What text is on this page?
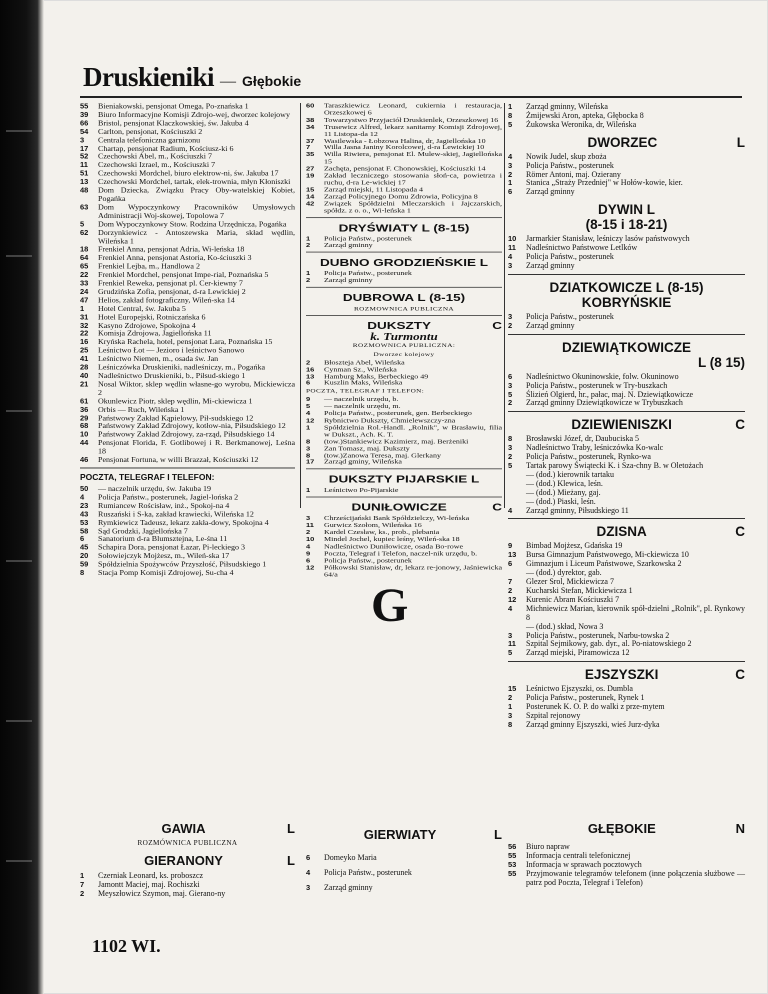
Druskieniki — Głębokie
55	Bieniakowski, pensjonat Omega, Po-znańska 1
39	Biuro Informacyjne Komisji Zdrojo-wej, dworzec kolejowy
66	Bristol, pensjonat Klaczkowskiej, św. Jakuba 4
54	Carlton, pensjonat, Kościuszki 2
3	Centrala telefoniczna garnizonu
17	Chartap, pensjonat Radium, Kościusz-ki 6
52	Czechowski Abel, m., Kościuszki 7
11	Czechowski Izrael, m., Kościuszki 7
51	Czechowski Mordchel, biuro elektrow-ni, św. Jakuba 17
13	Czechowski Mordchel, tartak, elek-trownia, młyn Kłoniszki
48	Dom Dziecka, Związku Pracy Oby-watelskiej Kobiet, Pogańka
63	Dom Wypoczynkowy Pracowników Umysłowych Administracji Woj-skowej, Topolowa 7
5	Dom Wypoczynkowy Stow. Rodzina Urzędnicza, Pogańka
62	Dorzynkiewicz - Antoszewska Maria, skład wędlin, Wileńska 1
18	Frenkiel Anna, pensjonat Adria, Wi-leńska 18
64	Frenkiel Anna, pensjonat Astoria, Ko-ściuszki 3
65	Frenkiel Lejba, m., Handlowa 2
22	Frenkiel Mordchel, pensjonat Impe-rial, Poznańska 5
33	Frenkiel Reweka, pensjonat pl. Cer-kiewny 7
24	Grudzińska Zofia, pensjonat, d-ra Lewickiej 2
47	Helios, zakład fotograficzny, Wileń-ska 14
1	Hotel Central, św. Jakuba 5
31	Hotel Europejski, Rotniczańska 6
32	Kasyno Zdrojowe, Spokojna 4
22	Komisja Zdrojowa, Jagiellońska 11
16	Kryńska Rachela, hotel, pensjonat Lara, Poznańska 15
25	Leśnictwo Łot — Jezioro i leśnictwo Sanowo
41	Leśnictwo Niemen, m., osada św. Jan
28	Leśniczówka Druskieniki, nadleśniczy, m., Pogańka
40	Nadleśnictwo Druskieniki, b., Piłsud-skiego 1
21	Nosal Wiktor, sklep wędlin własne-go wyrobu, Mickiewicza 2
61	Okunlewicz Piotr, sklep wędlin, Mi-ckiewicza 1
36	Orbis — Ruch, Wileńska 1
29	Państwowy Zakład Kąpielowy, Pił-sudskiego 12
68	Państwowy Zakład Zdrojowy, kotłow-nia, Piłsudskiego 12
10	Państwowy Zakład Zdrojowy, za-rząd, Piłsudskiego 14
44	Pensjonat Florida, F. Gotlibowej i R. Berkmanowej, Leśna 18
46	Pensjonat Fortuna, w willi Brazzał, Kościuszki 12
POCZTA, TELEGRAF I TELEFON:
50	— naczelnik urzędu, św. Jakuba 19
4	Policja Państw., posterunek, Jagiel-lońska 2
23	Rumiancew Rościsław, inż., Spokoj-na 4
43	Ruszański i S-ka, zakład krawiecki, Wileńska 12
53	Rymkiewicz Tadeusz, lekarz zakła-dowy, Spokojna 4
58	Sąd Grodzki, Jagiellońska 7
6	Sanatorium d-ra Blumsztejna, Le-śna 11
45	Schapira Dora, pensjonat Łazar, Pi-leckiego 3
20	Sołowiejczyk Mojżesz, m., Wileń-ska 17
59	Spółdzielnia Spożywców Przyszłość, Piłsudskiego 1
8	Stacja Pomp Komisji Zdrojowej, Su-cha 4
60	Taraszkiewicz Leonard, cukiernia i restauracja, Orzeszkowej 6
38	Towarzystwo Przyjaciół Druskienlek, Orzeszkowej 16
34	Trusewicz Alfred, lekarz sanitarny Komisji Zdrojowej, 11 Listopa-da 12
37	Wasilewska - Łobzowa Halina, dr, Jagiellońska 10
7	Willa Jasna Janiny Korolcowej, d-ra Lewickiej 10
35	Willa Riwiera, pensjonat El. Mulew-skiej, Jagiellońska 15
27	Zachęta, pensjonat F. Chonowskiej, Kościuszki 14
19	Zakład leczniczego stosowania słoń-ca, powietrza i ruchu, d-ra Le-wickiej 17
15	Zarząd miejski, 11 Listopada 4
14	Zarząd Policyjnego Domu Zdrowia, Policyjna 8
42	Związek Spółdzielni Mleczarskich i Jajczarskich, spółdz. z o. o., Wi-leńska 1
DRYŚWIATY L (8-15)
1	Policja Państw., posterunek
2	Zarząd gminny
DUBNO GRODZIEŃSKIE L
1	Policja Państw., posterunek
2	Zarząd gminny
DUBROWA L (8-15)
ROZMOWNICA PUBLICZNA
DUKSZTY	C
k. Turmontu
ROZMOWNICA PUBLICZNA:
Dworzec kolejowy
2	Błoszteja Abel, Wileńska
16	Cynman Sz., Wileńska
13	Hamburg Maks, Berbeckiego 49
6	Kuszlin Maks, Wileńska
POCZTA, TELEGRAF I TELEFON:
9	— naczelnik urzędu, b.
5	— naczelnik urzędu, m.
4	Policja Państw., posterunek, gen. Berbeckiego
12	Rybnictwo Dukszty, Chmielewszczy-zna
1	Spółdzielnia Rol.-Handl. „Rolnik", w Brasławiu, filia w Dukszt., Ach. K. T.
8	(tow.)Stankiewicz Kazimierz, maj. Berżeniki
3	Zan Tomasz, maj. Dukszty
8	(tow.)Zanowa Teresa, maj. Glerkany
17	Zarząd gminy, Wileńska
DUKSZTY PIJARSKIE L
1	Leśnictwo Po-Pijarskie
DUNIŁOWICZE	C
3	Chrześcijański Bank Spółdzielczy, Wi-leńska
11	Gurwicz Szołom, Wileńska 16
2	Kardel Czesław, ks., prob., plebania
10	Mindel Jochel, kupiec leśny, Wileń-ska 18
4	Nadleśnictwo Duniłowicze, osada Bo-rowe
9	Poczta, Telegraf i Telefon, naczel-nik urzędu, b.
6	Policja Państw., posterunek
12	Półkowski Stanisław, dr, lekarz re-jonowy, Jaśniewicka 64/a
1	Zarząd gminny, Wileńska
8	Żmijewski Aron, apteka, Głębocka 8
5	Żukowska Weronika, dr, Wileńska
DWORZEC	L
4	Nowik Judel, skup zboża
3	Policja Państw., posterunek
2	Römer Antoni, maj. Ozierany
1	Stanica „Straży Przedniej" w Hołów-kowie, kier.
6	Zarząd gminny
DYWIN L
(8-15 i 18-21)
10	Jarmarkier Stanisław, leśniczy lasów państwowych
11	Nadleśnictwo Państwowe Letlków
4	Policja Państw., posterunek
3	Zarząd gminny
DZIATKOWICZE L (8-15)
KOBRYŃSKIE
3	Policja Państw., posterunek
2	Zarząd gminny
DZIEWIĄTKOWICZE
L (8 15)
6	Nadleśnictwo Okuninowskie, folw. Okuninowo
3	Policja Państw., posterunek w Try-buszkach
5	Ślizień Olgierd, hr., pałac, maj. N. Dziewiątkowicze
2	Zarząd gminny Dziewiątkowicze w Trybuszkach
DZIEWIENISZKI	C
8	Brosławski Józef, dr, Daubuciska 5
3	Nadleśnictwo Traby, leśniczówka Ko-walc
2	Policja Państw., posterunek, Rynko-wa
5	Tartak parowy Świątecki K. i Sza-chny B. w Oletożach
— (dod.) kierownik tartaku
— (dod.) Klewica, leśn.
— (dod.) Mieżany, gaj.
— (dod.) Piaski, leśn.
4	Zarząd gminny, Piłsudskiego 11
DZISNA	C
9	Bimbad Mojżesz, Gdańska 19
13	Bursa Gimnazjum Państwowego, Mi-ckiewicza 10
6	Gimnazjum i Liceum Państwowe, Szarkowska 2
— (dod.) dyrektor, gab.
7	Glezer Srol, Mickiewicza 7
2	Kucharski Stefan, Mickiewicza 1
12	Kurenic Abram Kościuszki 7
4	Michniewicz Marian, kierownik spół-dzielni „Rolnik", pl. Rynkowy 8
— (dod.) skład, Nowa 3
3	Policja Państw., posterunek, Narbu-towska 2
11	Szpital Sejmikowy, gab. dyr., al. Po-niatowskiego 2
5	Zarząd miejski, Piramowicza 12
EJSZYSZKI	C
15	Leśnictwo Ejszyszki, os. Dumbla
2	Policja Państw., posterunek, Rynek 1
1	Posterunek K. O. P. do walki z prze-mytem
3	Szpital rejonowy
8	Zarząd gminny Ejszyszki, wieś Jurz-dyka
G
GAWIA	L
ROZMÓWNICA PUBLICZNA
GIERANONY	L
1	Czerniak Leonard, ks. proboszcz
7	Jamontt Maciej, maj. Rochiszki
2	Meyszłowicz Szymon, maj. Gierano-ny
GIERWIATY	L
6	Domeyko Maria
4	Policja Państw., posterunek
3	Zarząd gminny
GŁĘBOKIE	N
56	Biuro napraw
55	Informacja centrali telefonicznej
53	Informacja w sprawach pocztowych
55	Przyjmowanie telegramów telefonem (inne połączenia służbowe — patrz pod Poczta, Telegraf i Telefon)
1102 WI.
